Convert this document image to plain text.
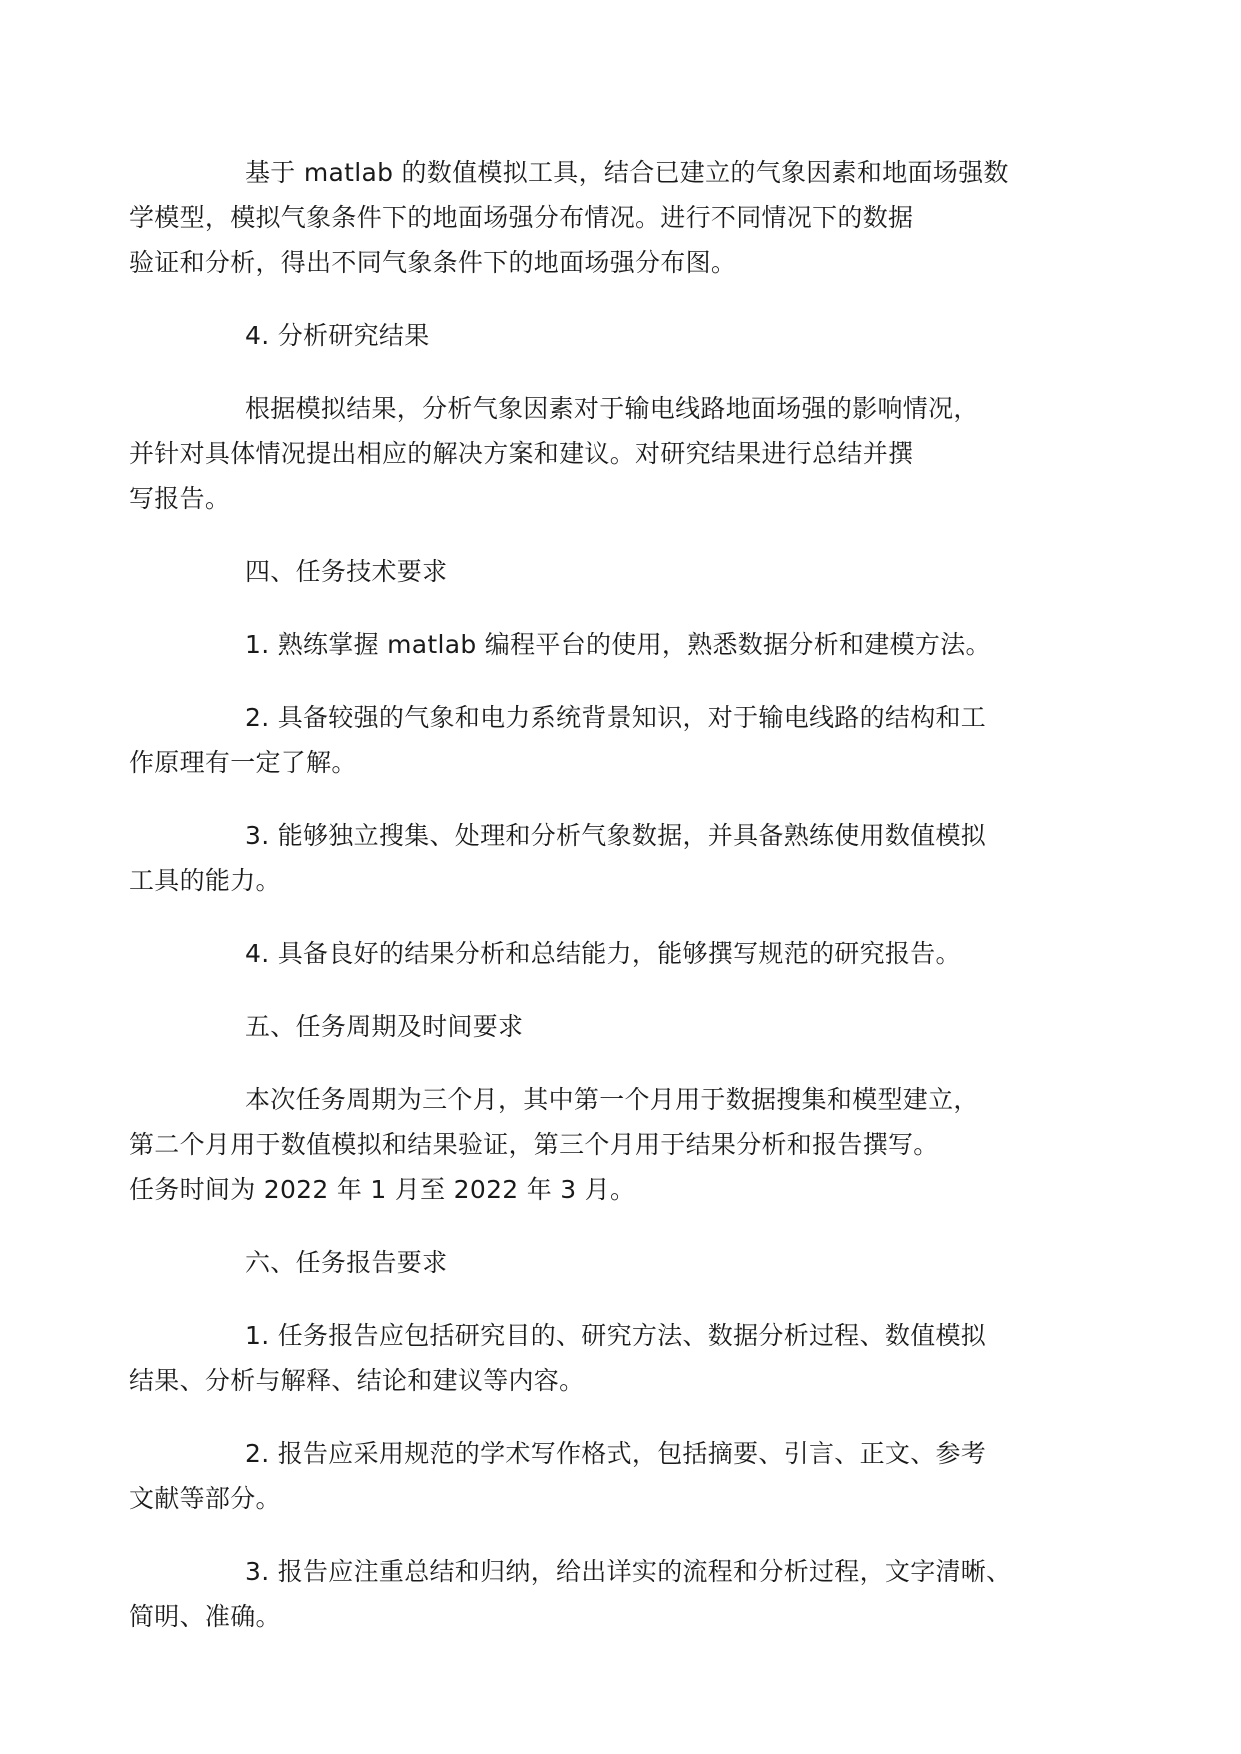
基于 matlab 的数值模拟工具，结合已建立的气象因素和地面场强数
学模型，模拟气象条件下的地面场强分布情况。进行不同情况下的数据
验证和分析，得出不同气象条件下的地面场强分布图。

4. 分析研究结果

根据模拟结果，分析气象因素对于输电线路地面场强的影响情况，
并针对具体情况提出相应的解决方案和建议。对研究结果进行总结并撰
写报告。

四、任务技术要求

1. 熟练掌握 matlab 编程平台的使用，熟悉数据分析和建模方法。

2. 具备较强的气象和电力系统背景知识，对于输电线路的结构和工
作原理有一定了解。

3. 能够独立搜集、处理和分析气象数据，并具备熟练使用数值模拟
工具的能力。

4. 具备良好的结果分析和总结能力，能够撰写规范的研究报告。

五、任务周期及时间要求

本次任务周期为三个月，其中第一个月用于数据搜集和模型建立，
第二个月用于数值模拟和结果验证，第三个月用于结果分析和报告撰写。
任务时间为 2022 年 1 月至 2022 年 3 月。

六、任务报告要求

1. 任务报告应包括研究目的、研究方法、数据分析过程、数值模拟
结果、分析与解释、结论和建议等内容。

2. 报告应采用规范的学术写作格式，包括摘要、引言、正文、参考
文献等部分。

3. 报告应注重总结和归纳，给出详实的流程和分析过程，文字清晰、
简明、准确。
